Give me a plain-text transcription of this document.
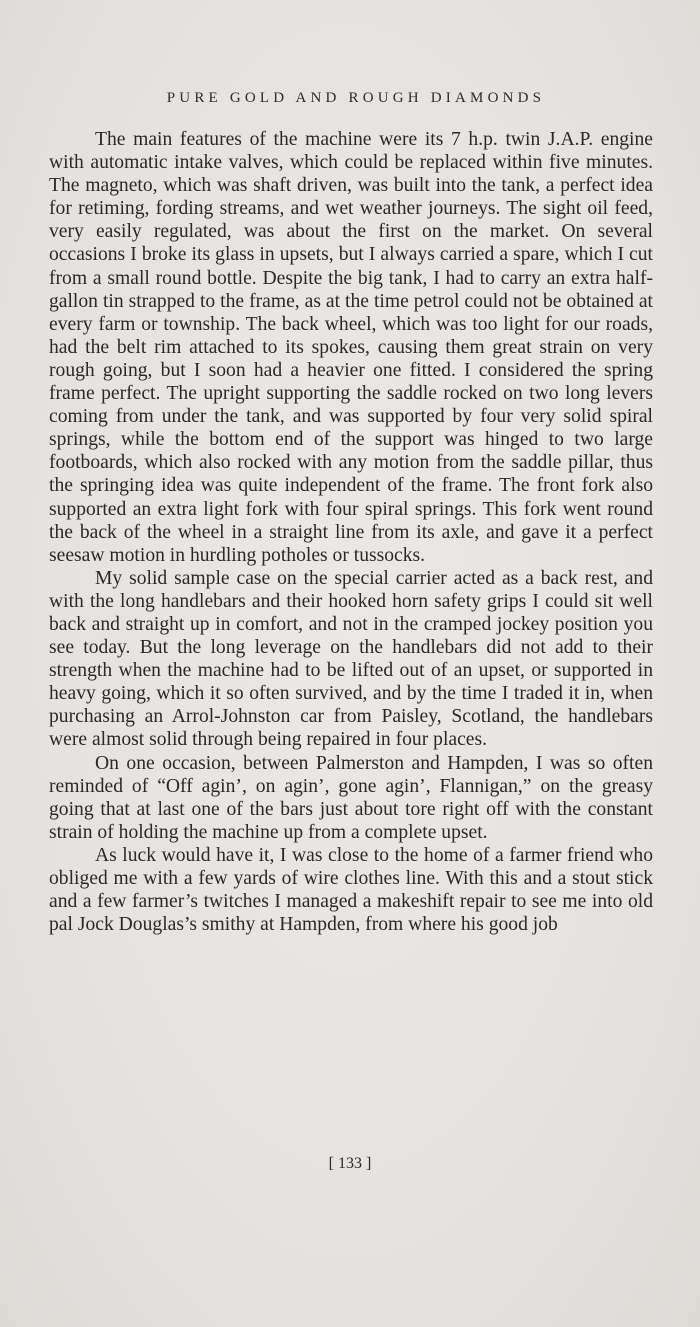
PURE GOLD AND ROUGH DIAMONDS

The main features of the machine were its 7 h.p. twin J.A.P. engine with automatic intake valves, which could be replaced within five minutes. The magneto, which was shaft driven, was built into the tank, a perfect idea for retiming, fording streams, and wet weather journeys. The sight oil feed, very easily regulated, was about the first on the market. On several occasions I broke its glass in upsets, but I always carried a spare, which I cut from a small round bottle. Despite the big tank, I had to carry an extra half-gallon tin strapped to the frame, as at the time petrol could not be obtained at every farm or township. The back wheel, which was too light for our roads, had the belt rim attached to its spokes, causing them great strain on very rough going, but I soon had a heavier one fitted. I considered the spring frame perfect. The upright supporting the saddle rocked on two long levers coming from under the tank, and was supported by four very solid spiral springs, while the bottom end of the support was hinged to two large footboards, which also rocked with any motion from the saddle pillar, thus the springing idea was quite independent of the frame. The front fork also supported an extra light fork with four spiral springs. This fork went round the back of the wheel in a straight line from its axle, and gave it a perfect seesaw motion in hurdling potholes or tussocks.

My solid sample case on the special carrier acted as a back rest, and with the long handlebars and their hooked horn safety grips I could sit well back and straight up in comfort, and not in the cramped jockey position you see today. But the long leverage on the handlebars did not add to their strength when the machine had to be lifted out of an upset, or supported in heavy going, which it so often survived, and by the time I traded it in, when purchasing an Arrol-Johnston car from Paisley, Scotland, the handlebars were almost solid through being repaired in four places.

On one occasion, between Palmerston and Hampden, I was so often reminded of “Off agin’, on agin’, gone agin’, Flannigan,” on the greasy going that at last one of the bars just about tore right off with the constant strain of holding the machine up from a complete upset.

As luck would have it, I was close to the home of a farmer friend who obliged me with a few yards of wire clothes line. With this and a stout stick and a few farmer’s twitches I managed a makeshift repair to see me into old pal Jock Douglas’s smithy at Hampden, from where his good job

[ 133 ]
